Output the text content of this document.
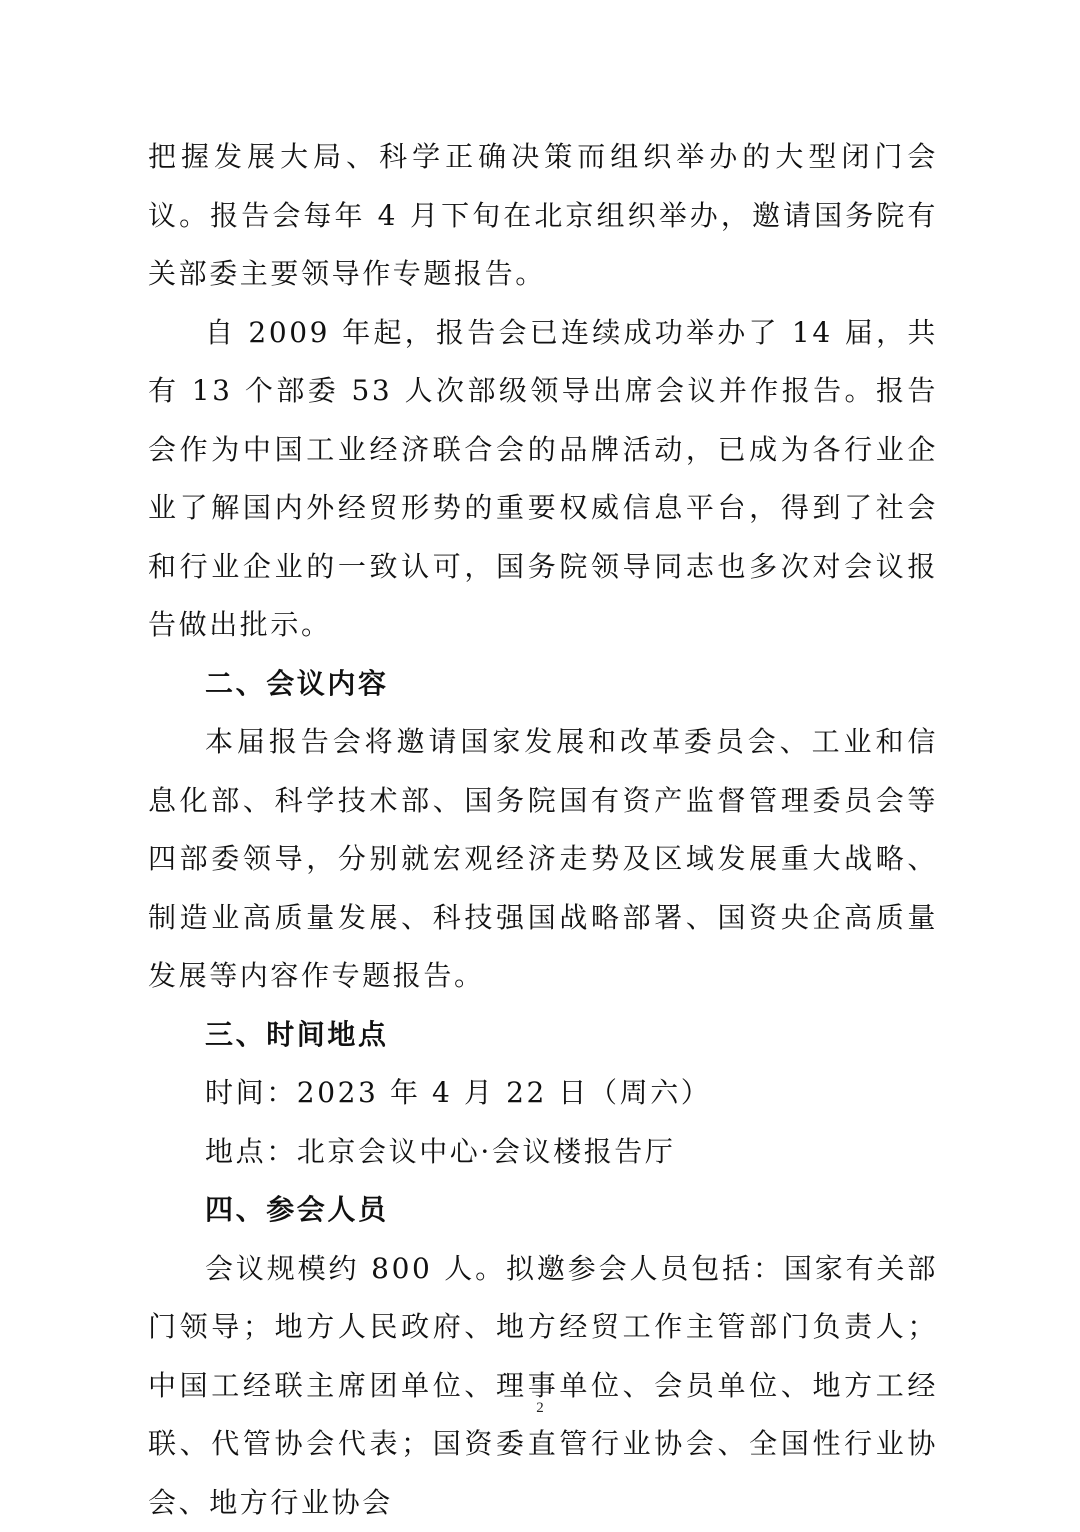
把握发展大局、科学正确决策而组织举办的大型闭门会议。报告会每年 4 月下旬在北京组织举办，邀请国务院有关部委主要领导作专题报告。

自 2009 年起，报告会已连续成功举办了 14 届，共有 13 个部委 53 人次部级领导出席会议并作报告。报告会作为中国工业经济联合会的品牌活动，已成为各行业企业了解国内外经贸形势的重要权威信息平台，得到了社会和行业企业的一致认可，国务院领导同志也多次对会议报告做出批示。

二、会议内容

本届报告会将邀请国家发展和改革委员会、工业和信息化部、科学技术部、国务院国有资产监督管理委员会等四部委领导，分别就宏观经济走势及区域发展重大战略、制造业高质量发展、科技强国战略部署、国资央企高质量发展等内容作专题报告。

三、时间地点

时间：2023 年 4 月 22 日（周六）

地点：北京会议中心·会议楼报告厅

四、参会人员

会议规模约 800 人。拟邀参会人员包括：国家有关部门领导；地方人民政府、地方经贸工作主管部门负责人；中国工经联主席团单位、理事单位、会员单位、地方工经联、代管协会代表；国资委直管行业协会、全国性行业协会、地方行业协会

2
